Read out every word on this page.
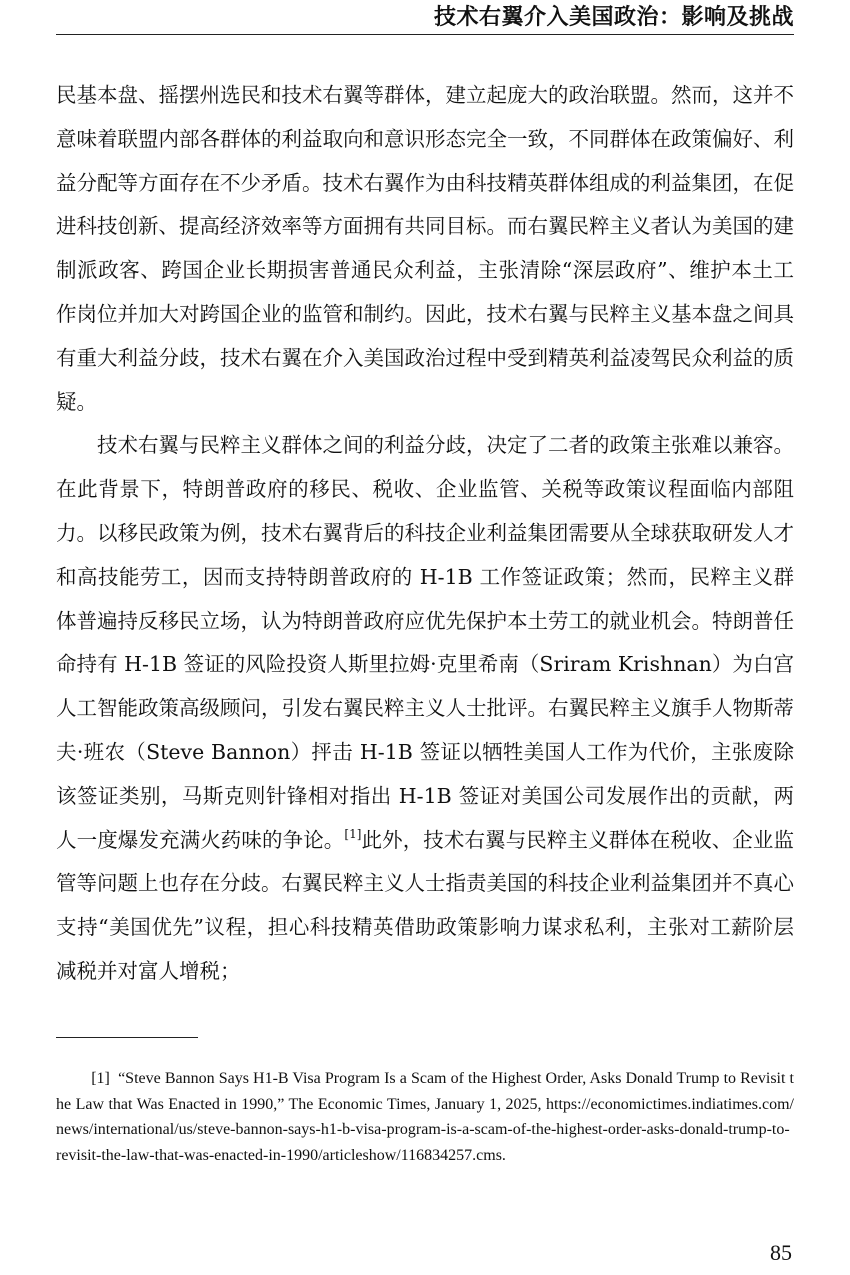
技术右翼介入美国政治：影响及挑战

民基本盘、摇摆州选民和技术右翼等群体，建立起庞大的政治联盟。然而，这并不意味着联盟内部各群体的利益取向和意识形态完全一致，不同群体在政策偏好、利益分配等方面存在不少矛盾。技术右翼作为由科技精英群体组成的利益集团，在促进科技创新、提高经济效率等方面拥有共同目标。而右翼民粹主义者认为美国的建制派政客、跨国企业长期损害普通民众利益，主张清除“深层政府”、维护本土工作岗位并加大对跨国企业的监管和制约。因此，技术右翼与民粹主义基本盘之间具有重大利益分歧，技术右翼在介入美国政治过程中受到精英利益凌驾民众利益的质疑。

技术右翼与民粹主义群体之间的利益分歧，决定了二者的政策主张难以兼容。在此背景下，特朗普政府的移民、税收、企业监管、关税等政策议程面临内部阻力。以移民政策为例，技术右翼背后的科技企业利益集团需要从全球获取研发人才和高技能劳工，因而支持特朗普政府的 H-1B 工作签证政策；然而，民粹主义群体普遍持反移民立场，认为特朗普政府应优先保护本土劳工的就业机会。特朗普任命持有 H-1B 签证的风险投资人斯里拉姆·克里希南（Sriram Krishnan）为白宫人工智能政策高级顾问，引发右翼民粹主义人士批评。右翼民粹主义旗手人物斯蒂夫·班农（Steve Bannon）抨击 H-1B 签证以牺牲美国人工作为代价，主张废除该签证类别，马斯克则针锋相对指出 H-1B 签证对美国公司发展作出的贡献，两人一度爆发充满火药味的争论。[1]此外，技术右翼与民粹主义群体在税收、企业监管等问题上也存在分歧。右翼民粹主义人士指责美国的科技企业利益集团并不真心支持“美国优先”议程，担心科技精英借助政策影响力谋求私利，主张对工薪阶层减税并对富人增税；

[1] “Steve Bannon Says H1-B Visa Program Is a Scam of the Highest Order, Asks Donald Trump to Revisit the Law that Was Enacted in 1990,” The Economic Times, January 1, 2025, https://economictimes.indiatimes.com/news/international/us/steve-bannon-says-h1-b-visa-program-is-a-scam-of-the-highest-order-asks-donald-trump-to-revisit-the-law-that-was-enacted-in-1990/articleshow/116834257.cms.
85
